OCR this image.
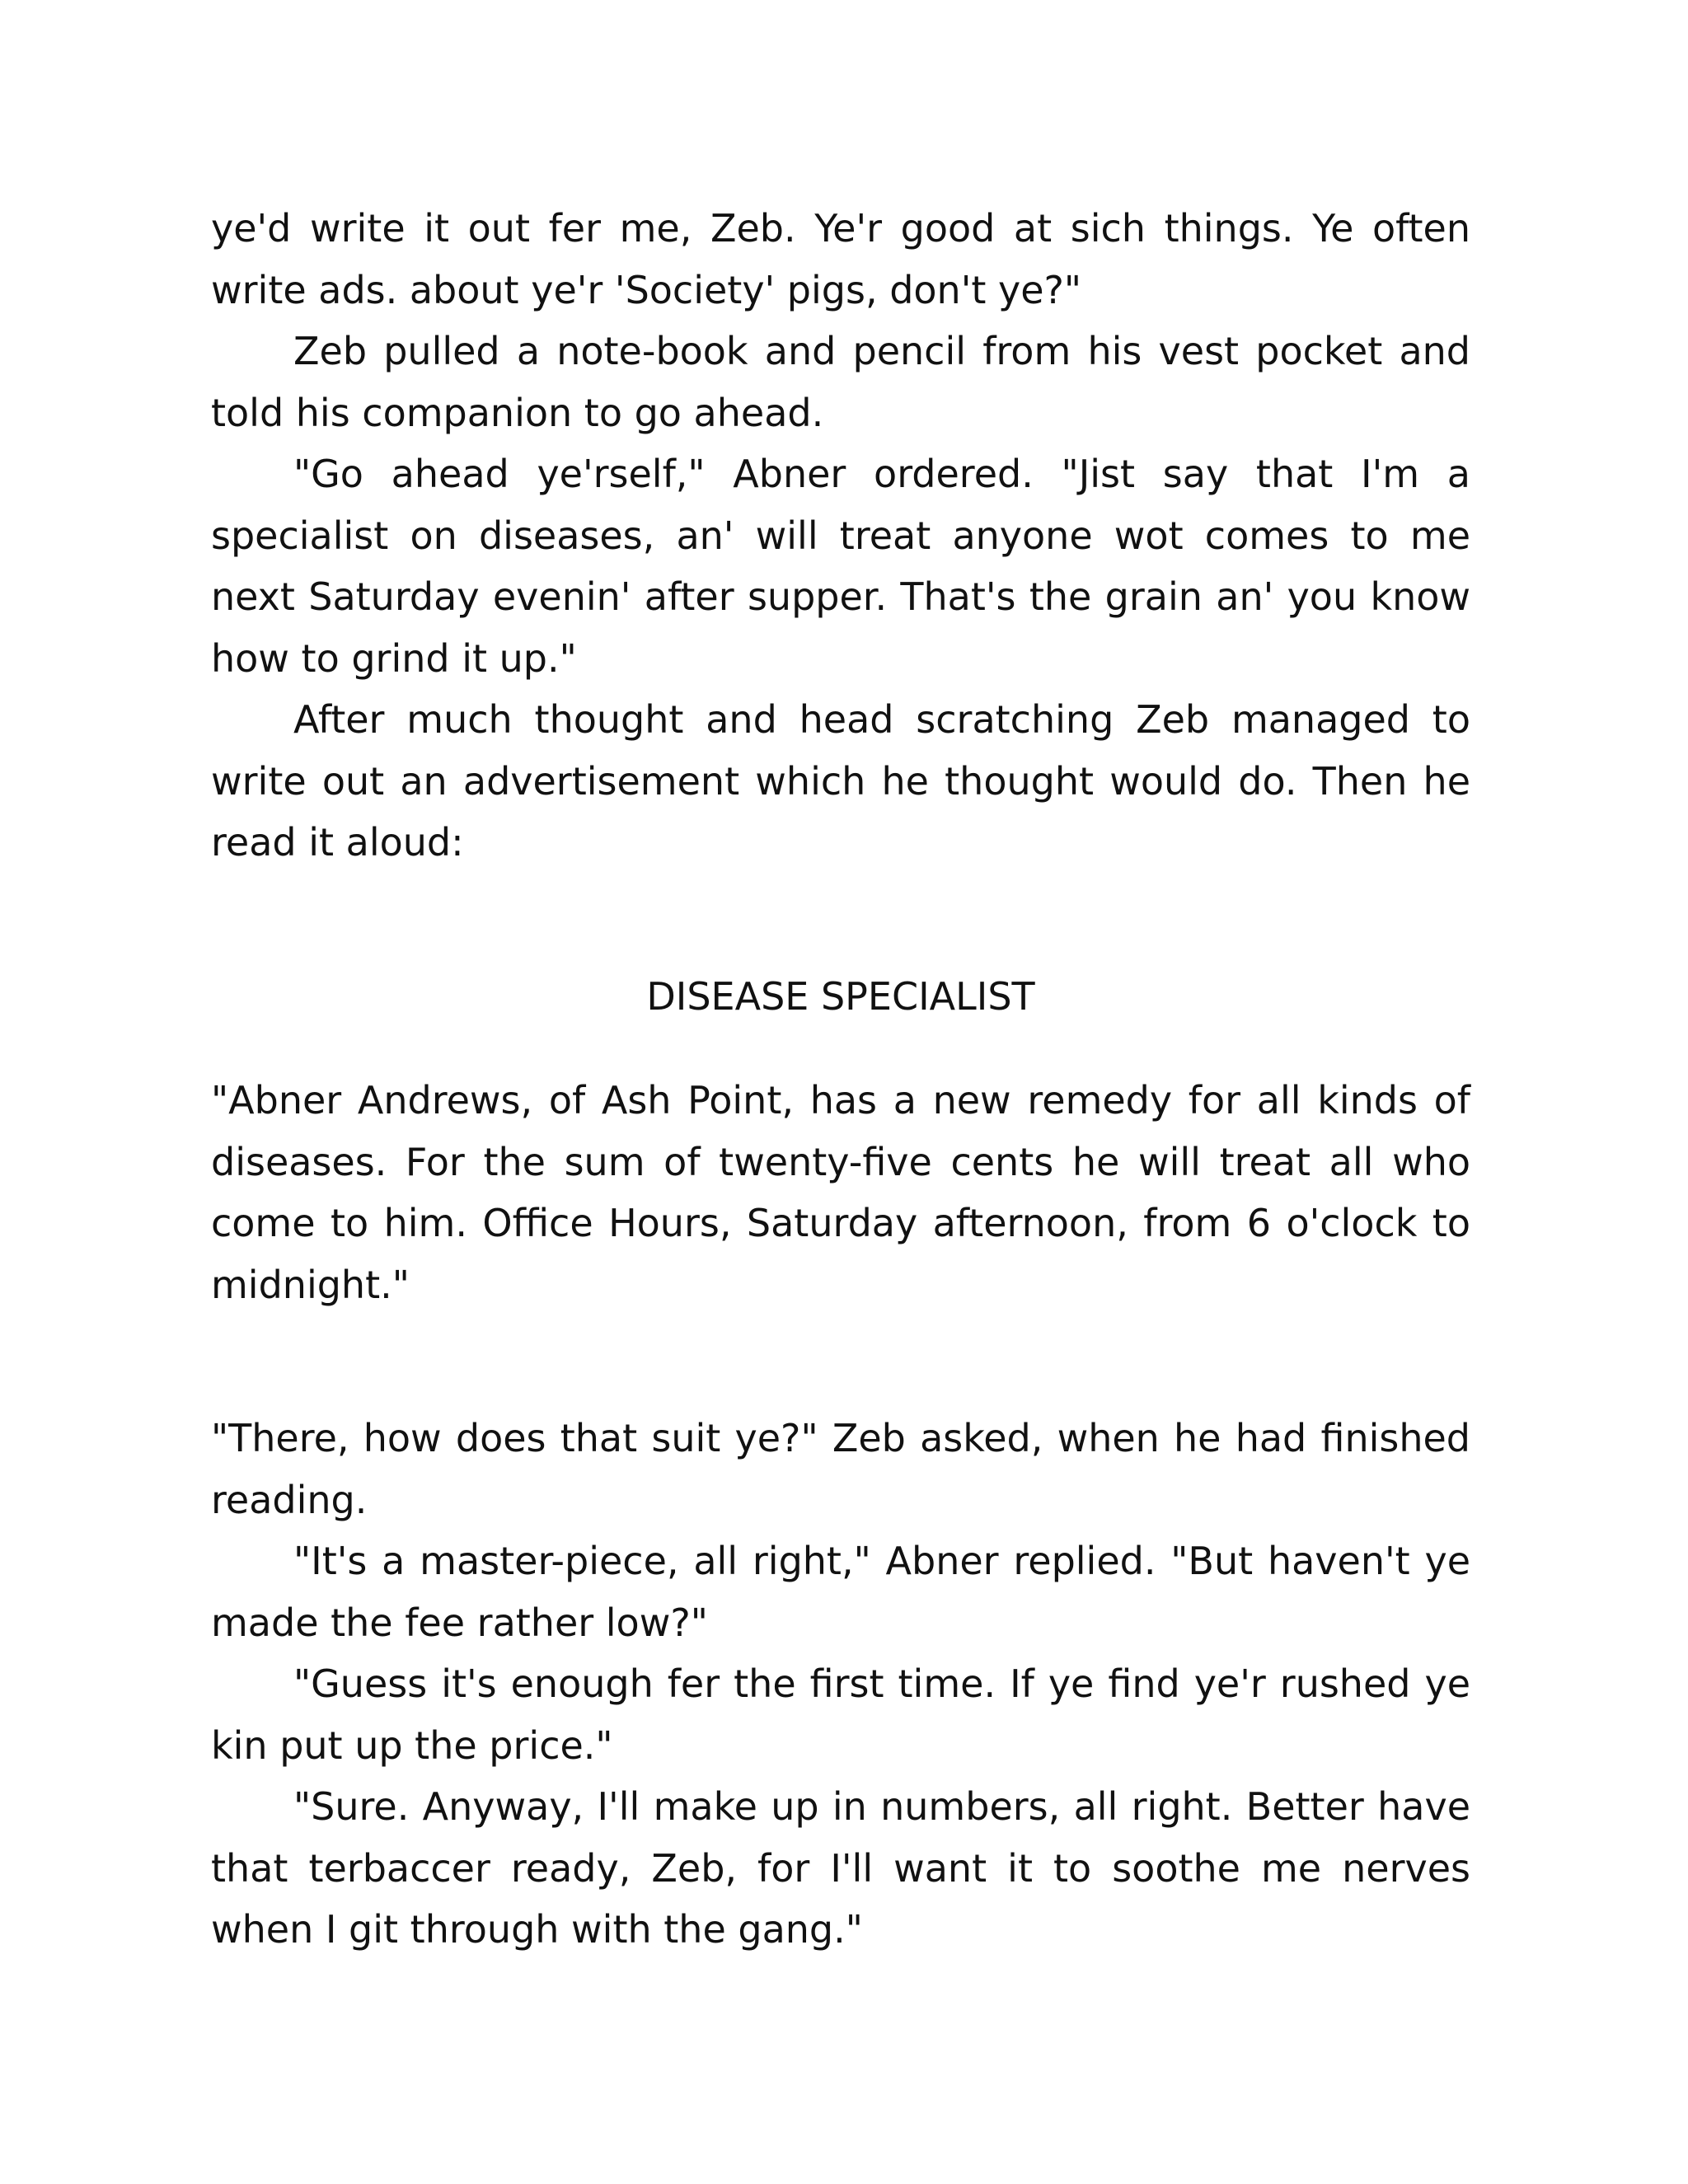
ye'd write it out fer me, Zeb. Ye'r good at sich things. Ye often write ads. about ye'r 'Society' pigs, don't ye?"

Zeb pulled a note-book and pencil from his vest pocket and told his companion to go ahead.

"Go ahead ye'rself," Abner ordered. "Jist say that I'm a specialist on diseases, an' will treat anyone wot comes to me next Saturday evenin' after supper. That's the grain an' you know how to grind it up."

After much thought and head scratching Zeb managed to write out an advertisement which he thought would do. Then he read it aloud:

DISEASE SPECIALIST

"Abner Andrews, of Ash Point, has a new remedy for all kinds of diseases. For the sum of twenty-five cents he will treat all who come to him. Office Hours, Saturday afternoon, from 6 o'clock to midnight."

"There, how does that suit ye?" Zeb asked, when he had finished reading.

"It's a master-piece, all right," Abner replied. "But haven't ye made the fee rather low?"

"Guess it's enough fer the first time. If ye find ye'r rushed ye kin put up the price."

"Sure. Anyway, I'll make up in numbers, all right. Better have that terbaccer ready, Zeb, for I'll want it to soothe me nerves when I git through with the gang."
